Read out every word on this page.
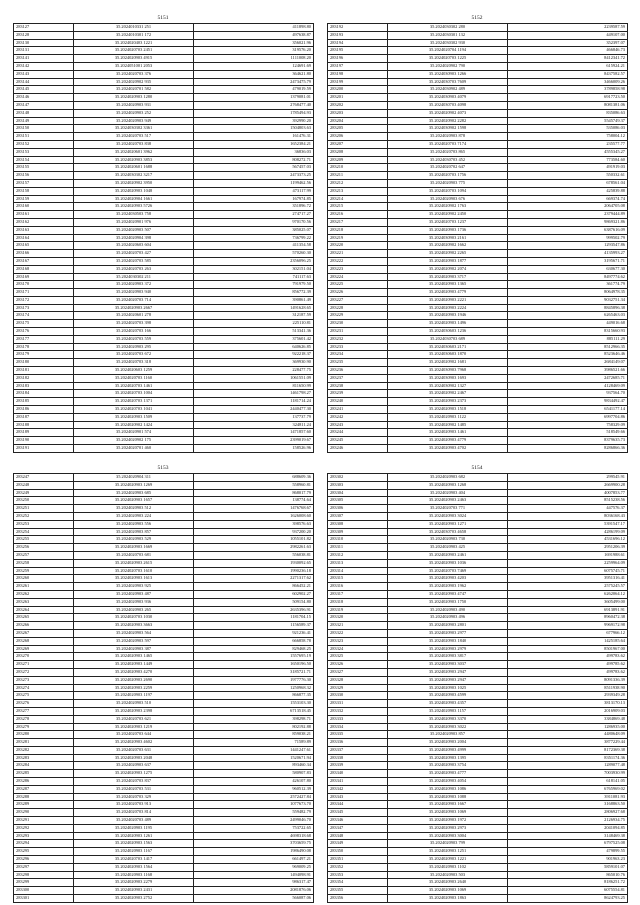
5151
283127	35.2024010331 251	411898.80
283128	35.2024010301 172	497638.87
283130	35.2024020403 1221	356021.96
283131	35.2024020703 2451	319576.20
283141	35.2024020903 4915	1111008.20
283142	35.2024051001 2053	124691.69
283143	35.2024020703 376	364621.80
283144	35.2024020902 935	2473475.79
283145	35.2024020701 582	479019.59
283146	35.2024020903 1280	1379081.01
283147	35.2024020903 931	2768477.40
283148	35.2024020903 252	1785494.93
283149	35.2024020903 949	392990.20
283150	35.2024030302 3361	1504803.63
283151	35.2024020703 517	161476.31
283152	35.2024020703 838	1652384.21
283153	35.2024020601 3962	36836.03
283154	35.2024020903 3853	808272.71
283155	35.2024020601 1688	567457.03
283156	35.2024030302 3217	2473373.25
283157	35.2024020902 3950	1199462.56
283158	35.2024020903 1048	473117.99
283159	35.2024020904 1661	167974.85
283160	35.2024020903 5726	351896.72
283161	35.2024030503 758	274717.27
283162	35.2024020901 976	970170.56
283163	35.2024020903 507	385025.07
283164	35.2024020904 398	736799.22
283165	35.2024020603 604	411354.58
283166	35.2024020703 427	570260.30
283167	35.2024020703 585	2356096.25
283168	35.2024020703 263	302151.04
283169	35.2024030302 211	741117.63
283170	35.2024020903 372	791979.50
283171	35.2024020903 940	856772.39
283172	35.2024020703 714	390861.49
283173	35.2024020903 2667	1491628.65
283174	35.2024020601 278	312187.59
283175	35.2024020703 398	225110.81
283176	35.2024020703 166	513341.36
283177	35.2024020703 559	375601.42
283178	35.2024020903 295	640626.85
283179	35.2024020703 672	922218.37
283180	35.2024020703 318	369930.90
283181	35.2024020603 1259	228477.75
283182	35.2024020703 1160	1061551.09
283183	35.2024020703 1461	811650.99
283184	35.2024020703 1004	1461798.27
283185	35.2024020703 1371	1181714.24
283186	35.2024020703 1041	2440477.30
283187	35.2024020903 1509	137737.79
283188	35.2024020902 1424	324811.24
283189	35.2024020901 574	1471857.60
283190	35.2024020902 175	2399019.67
283191	35.2024020701 460	158526.96
5152
283192	35.2024030302 280	2239587.59
283193	35.2024030301 132	449107.00
283194	35.2024030302 930	352397.07
283195	35.2024020704 1194	466846.73
283196	35.2024020703 1225	8412341.72
283197	35.2024020902 790	615924.21
283198	35.2024030903 1266	8437582.57
283199	35.2024030703 7609	3466009.26
283200	35.2024030902 489	3789858.98
283201	35.2024030903 4079	6917723.50
283202	35.2024030703 4098	8081381.06
283203	35.2024020902 4073	835086.63
283204	35.2024020902 2282	5545749.37
283205	35.2024030902 1598	535086.03
283206	35.2024020903 878	758004.12
283207	35.2024020703 7174	235577.77
283208	35.2024020703 865	4555345.27
283209	35.2024030703 452	773584.60
283210	35.2024020702 647	491919.03
283211	35.2024020703 1756	550332.61
283212	35.2024020903 775	678561.04
283213	35.2024020703 1094	425839.88
283214	35.2024020903 676	669374.74
283215	35.2024020902 1763	2064705.08
283216	35.2024020902 2450	2379444.89
283217	35.2024020703 1237	9869321.86
283218	35.2024020903 1736	6387616.09
283219	35.2024030903 2161	999502.79
283220	35.2024020902 1662	1293547.86
283221	35.2024020902 2265	4135993.27
283222	35.2024020903 1877	3195671.71
283223	35.2024020902 2074	630677.30
283224	35.2024020903 3717	8497774.62
283225	35.2024020903 1365	361774.79
283226	35.2024020903 4779	8064978.35
283227	35.2024020903 2221	9032751.34
283228	35.2024020903 2224	8845896.38
283229	35.2024020903 1946	6265463.03
283230	35.2024020903 1496	449016.68
283231	35.2024030603 1236	8315660.93
283232	35.2024030703 689	885111.29
283233	35.2024030603 2171	8512966.35
283234	35.2024030603 1870	8523646.46
283235	35.2024020902 1681	2684149.07
283236	35.2024030903 7968	3986521.66
283237	35.2024030903 1693	2472685.71
283238	35.2024030902 1327	4128469.09
283239	35.2024020902 2467	937564.70
283240	35.2024020903 2373	9834492.47
283241	35.2024020903 1518	6541177.14
283242	35.2024020903 1122	6997704.86
283243	35.2024020902 1485	758329.09
283244	35.2024020903 1461	518549.66
283245	35.2024020903 4779	8379635.73
283246	35.2024020903 4702	8286866.36
5153
283247	35.2024020904 311	688609.36
283248	35.2024020903 1269	558960.81
283249	35.2024020903 685	868017.79
283250	35.2024020903 1657	138774.64
283251	35.2024020903 512	1476768.67
283252	35.2024020903 224	1626008.60
283253	35.2024020903 556	398576.63
283254	35.2024020903 857	937200.20
283255	35.2024020903 529	1055101.82
283256	35.2024020903 1669	2982261.63
283257	35.2024020703 681	556038.81
283258	35.2024020903 2615	1930092.65
283259	35.2024020703 1610	1990236.18
283260	35.2024020903 1613	2271317.62
283261	35.2024020903 925	866452.21
283262	35.2024020903 487	602902.27
283263	35.2024020903 936	509154.80
283264	35.2024020903 265	2635396.91
283265	35.2024020703 1030	1181704.15
283266	35.2024020903 3663	1156589.37
283267	35.2024020903 564	921236.41
283268	35.2024020903 597	666858.78
283269	35.2024020903 387	829468.25
283270	35.2024020903 1465	1557695.19
283271	35.2024020903 1449	1650196.50
283272	35.2024020903 4270	3185721.71
283273	35.2024020903 2690	1977776.30
283274	35.2024020903 2259	1250968.32
283275	35.2024020903 1197	866877.35
283276	35.2024020903 510	1553103.30
283277	35.2024020903 2398	6713518.45
283278	35.2024020703 621	398298.71
283279	35.2024020903 1219	802192.88
283280	35.2024020703 644	859038.21
283281	35.2024020903 4602	71589.89
283282	35.2024020703 631	1441247.61
283283	35.2024020903 2048	1520671.94
283284	35.2024020903 637	893460.34
283285	35.2024020903 1275	580907.83
283286	35.2024020703 837	426107.80
283287	35.2024020703 531	960512.39
283288	35.2024020703 329	2572427.84
283289	35.2024020703 913	1077673.70
283290	35.2024020703 814	559482.79
283291	35.2024020703 489	2499046.70
283292	35.2024020903 1195	753722.65
283293	35.2024020903 1261	4698318.68
283294	35.2024020903 1563	3703659.75
283295	35.2024020903 1167	1986490.08
283296	35.2024020703 1417	661497.21
283297	35.2024020903 1564	969009.25
283298	35.2024020903 1168	1494098.91
283299	35.2024020903 2279	986317.47
283300	35.2024020903 2431	2081876.06
283301	35.2024020903 2752	566087.06
5154
283302	35.2024020903 682	299545.91
283303	35.2024020903 1268	2669900.28
283304	35.2024020903 404	4007853.77
283305	35.2024020903 2463	8515238.56
283306	35.2024020703 771	447576.37
283307	35.2024020903 3024	8036168.43
283308	35.2024020903 1271	5391547.17
283309	35.2024030703 4658	4286199.09
283310	35.2024020903 730	4531696.12
283311	35.2024020903 425	2951206.39
283312	35.2024020903 2461	1691988.61
283313	35.2024020903 1036	2259964.09
283314	35.2024020703 7469	6075745.71
283315	35.2024020903 4203	3951316.41
283316	35.2024020903 1962	2575245.57
283317	35.2024020903 4747	6262064.12
283318	35.2024020903 1750	3605499.00
283319	35.2024020903 490	6913891.91
283320	35.2024020903 496	8960472.38
283321	35.2024020903 2801	9969172.98
283322	35.2024020903 2977	677966.12
283323	35.2024020903 1840	1425185.64
283324	35.2024020903 2979	8501967.00
283325	35.2024020903 3817	499783.62
283326	35.2024020903 3037	499785.62
283327	35.2024020903 2947	499783.62
283328	35.2024020903 2947	8091336.39
283329	35.2024020903 1025	8511938.90
283330	35.2024020903 4599	2939349.28
283331	35.2024020903 4357	3813170.13
283332	35.2024020903 1157	2016909.03
283333	35.2024020903 3370	3384869.48
283334	35.2024020903 3022	1286935.00
283335	35.2024020903 857	4480648.09
283336	35.2024020903 2004	3877229.44
283337	35.2024020903 4999	8172369.38
283338	35.2024020903 1395	8351174.36
283339	35.2024020903 3754	1289077.48
283340	35.2024020903 4777	7003930.99
283341	35.2024020903 4054	618141.05
283342	35.2024020903 1086	6765969.02
283343	35.2024020903 1088	3911081.93
283344	35.2024020903 1667	3168863.50
283345	35.2024020903 1069	2806927.68
283346	35.2024020903 1972	2126934.75
283347	35.2024020903 2973	2041094.85
283348	35.2024020903 3004	3148469.38
283349	35.2024020903 799	6797525.08
283350	35.2024020903 1251	479899.55
283351	35.2024020903 1221	901963.23
283352	35.2024020903 1102	5859101.07
283353	35.2024020903 503	865010.76
283354	35.2024020903 2640	8186251.72
283355	35.2024020903 1069	6075554.81
283356	35.2024020903 1863	8624793.25
